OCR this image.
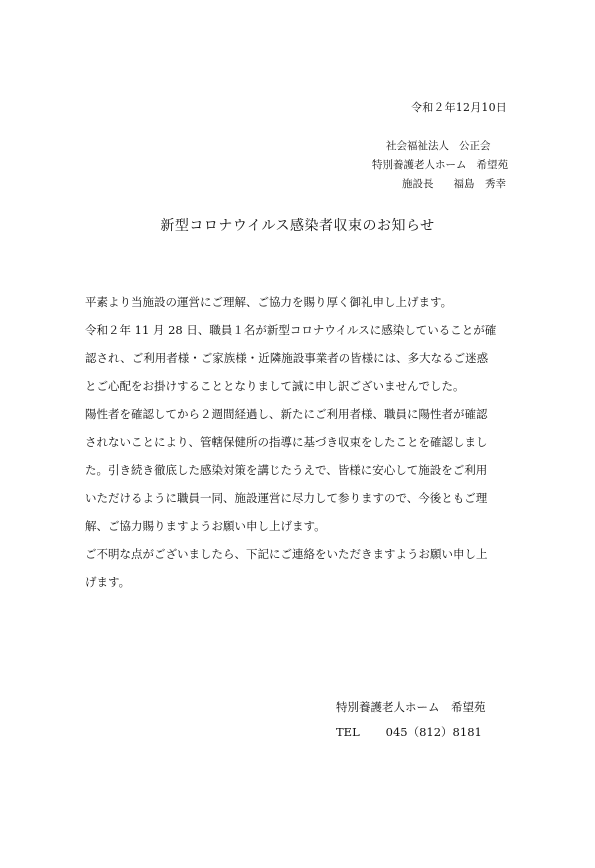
令和２年12月10日
社会福祉法人 公正会
特別養護老人ホーム 希望苑
施設長 福島　秀幸
新型コロナウイルス感染者収束のお知らせ

平素より当施設の運営にご理解、ご協力を賜り厚く御礼申し上げます。

令和２年 11 月 28 日、職員１名が新型コロナウイルスに感染していることが確

認され、ご利用者様・ご家族様・近隣施設事業者の皆様には、多大なるご迷惑

とご心配をお掛けすることとなりまして誠に申し訳ございませんでした。

陽性者を確認してから２週間経過し、新たにご利用者様、職員に陽性者が確認

されないことにより、管轄保健所の指導に基づき収束をしたことを確認しまし

た。引き続き徹底した感染対策を講じたうえで、皆様に安心して施設をご利用

いただけるように職員一同、施設運営に尽力して参りますので、今後ともご理

解、ご協力賜りますようお願い申し上げます。

ご不明な点がございましたら、下記にご連絡をいただきますようお願い申し上

げます。

特別養護老人ホーム　希望苑
TEL 045（812）8181
